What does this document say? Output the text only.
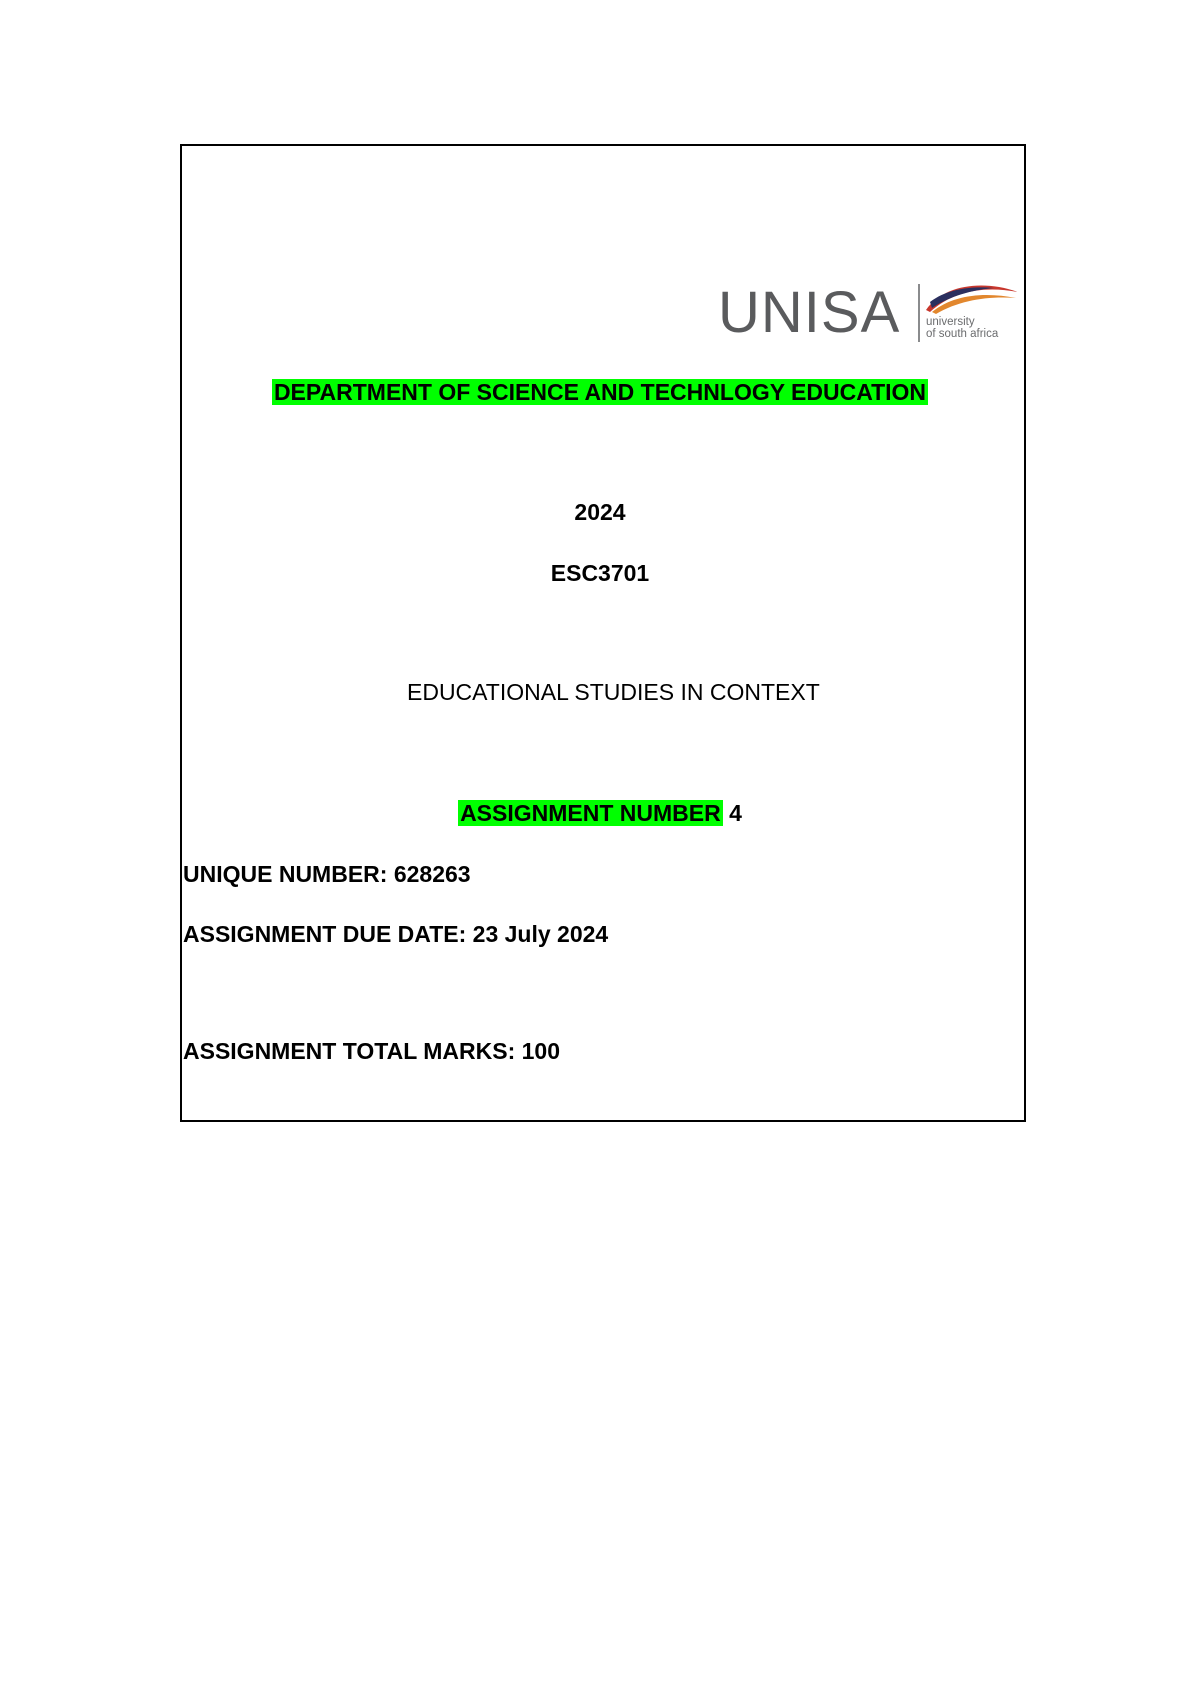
UNISA university
of south africa
DEPARTMENT OF SCIENCE AND TECHNLOGY EDUCATION
2024
ESC3701
EDUCATIONAL STUDIES IN CONTEXT
ASSIGNMENT NUMBER 4
UNIQUE NUMBER: 628263
ASSIGNMENT DUE DATE: 23 July 2024
ASSIGNMENT TOTAL MARKS: 100
